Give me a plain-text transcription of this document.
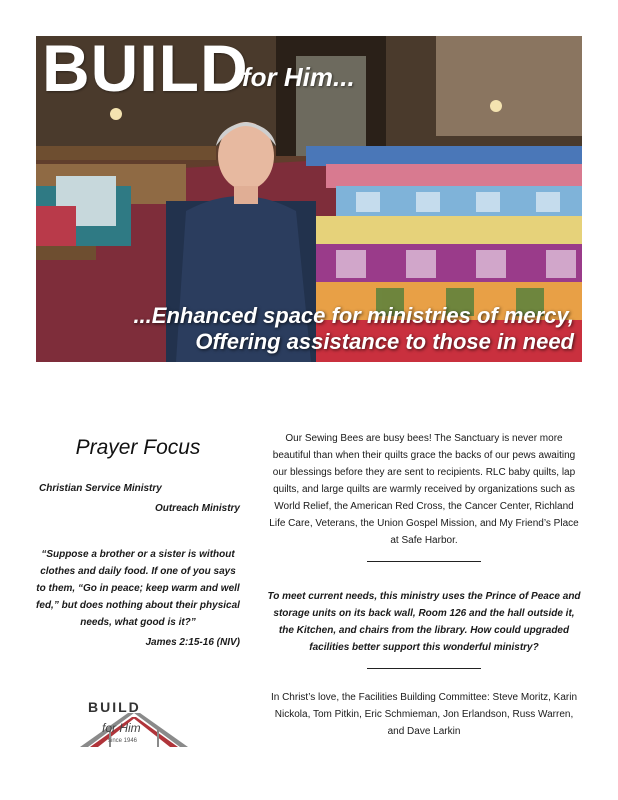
BUILD
for Him...
...Enhanced space for ministries of mercy,
Offering assistance to those in need
Prayer Focus
Christian Service Ministry
Outreach Ministry
“Suppose a brother or a sister is without clothes and daily food. If one of you says to them, “Go in peace; keep warm and well fed,” but does nothing about their physical needs, what good is it?”
James 2:15-16 (NIV)

Our Sewing Bees are busy bees! The Sanctuary is never more beautiful than when their quilts grace the backs of our pews awaiting our blessings before they are sent to recipients. RLC baby quilts, lap quilts, and large quilts are warmly received by organizations such as World Relief, the American Red Cross, the Cancer Center, Richland Life Care, Veterans, the Union Gospel Mission, and My Friend’s Place at Safe Harbor.

To meet current needs, this ministry uses the Prince of Peace and storage units on its back wall, Room 126 and the hall outside it, the Kitchen, and chairs from the library. How could upgraded facilities better support this wonderful ministry?

In Christ’s love, the Facilities Building Committee: Steve Moritz, Karin Nickola, Tom Pitkin, Eric Schmieman, Jon Erlandson, Russ Warren, and Dave Larkin

BUILD
for Him
since 1946
